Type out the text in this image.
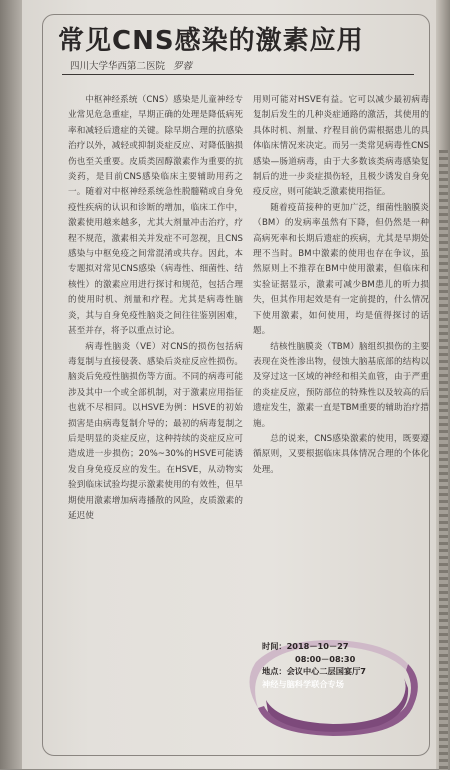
常见CNS感染的激素应用
四川大学华西第二医院 罗蓉

中枢神经系统（CNS）感染是儿童神经专业常见危急重症，早期正确的处理是降低病死率和减轻后遗症的关键。除早期合理的抗感染治疗以外，减轻或抑制炎症反应、对降低脑损伤也至关重要。皮质类固醇激素作为重要的抗炎药，是目前CNS感染临床主要辅助用药之一。随着对中枢神经系统急性脱髓鞘或自身免疫性疾病的认识和诊断的增加，临床工作中，激素使用越来越多，尤其大剂量冲击治疗，疗程不规范，激素相关并发症不可忽视，且CNS感染与中枢免疫之间常混淆或共存。因此，本专题拟对常见CNS感染（病毒性、细菌性、结核性）的激素应用进行探讨和规范，包括合理的使用时机、剂量和疗程。尤其是病毒性脑炎，其与自身免疫性脑炎之间往往鉴别困难，甚至并存，将予以重点讨论。

病毒性脑炎（VE）对CNS的损伤包括病毒复制与直接侵袭、感染后炎症反应性损伤。脑炎后免疫性脑损伤等方面。不同的病毒可能涉及其中一个或全部机制，对于激素应用指征也就不尽相同。以HSVE为例：HSVE的初始损害是由病毒复制介导的；最初的病毒复制之后是明显的炎症反应，这种持续的炎症反应可造成进一步损伤；20%~30%的HSVE可能诱发自身免疫反应的发生。在HSVE，从动物实验到临床试验均提示激素使用的有效性，但早期使用激素增加病毒播散的风险，皮质激素的延迟使

用则可能对HSVE有益。它可以减少最初病毒复制后发生的几种炎症通路的激活，其使用的具体时机、剂量、疗程目前仍需根据患儿的具体临床情况来决定。而另一类常见病毒性CNS感染—肠道病毒，由于大多数该类病毒感染复制后的进一步炎症损伤轻，且极少诱发自身免疫反应，则可能缺乏激素使用指征。

随着疫苗接种的更加广泛，细菌性脑膜炎（BM）的发病率虽然有下降，但仍然是一种高病死率和长期后遗症的疾病，尤其是早期处理不当时。BM中激素的使用也存在争议，虽然原则上不推荐在BM中使用激素，但临床和实验证据显示，激素可减少BM患儿的听力损失，但其作用起效是有一定前提的，什么情况下使用激素，如何使用，均是值得探讨的话题。

结核性脑膜炎（TBM）脑组织损伤的主要表现在炎性渗出物，侵蚀大脑基底部的结构以及穿过这一区域的神经和相关血管，由于严重的炎症反应，预防部位的特殊性以及较高的后遗症发生，激素一直是TBM重要的辅助治疗措施。

总的说来，CNS感染激素的使用，既要遵循原则，又要根据临床具体情况合理的个体化处理。

时间：2018－10－27
08:00－08:30
地点：会议中心二层国宴厅7
神经与脑科学联合专场
